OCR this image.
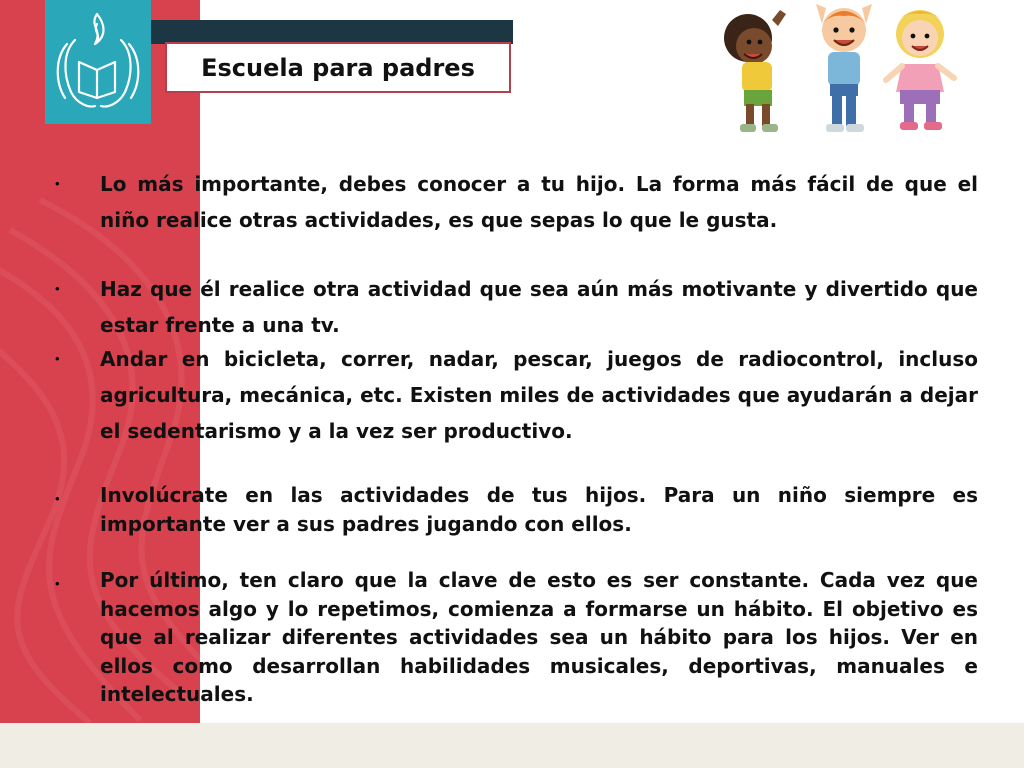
Escuela para padres
• Lo más importante, debes conocer a tu hijo. La forma más fácil de que el niño realice otras actividades, es que sepas lo que le gusta.
• Haz que él realice otra actividad que sea aún más motivante y divertido que estar frente a una tv.
• Andar en bicicleta, correr, nadar, pescar, juegos de radiocontrol, incluso agricultura, mecánica, etc. Existen miles de actividades que ayudarán a dejar el sedentarismo y a la vez ser productivo.
• Involúcrate en las actividades de tus hijos. Para un niño siempre es importante ver a sus padres jugando con ellos.
• Por último, ten claro que la clave de esto es ser constante. Cada vez que hacemos algo y lo repetimos, comienza a formarse un hábito. El objetivo es que al realizar diferentes actividades sea un hábito para los hijos. Ver en ellos como desarrollan habilidades musicales, deportivas, manuales e intelectuales.
